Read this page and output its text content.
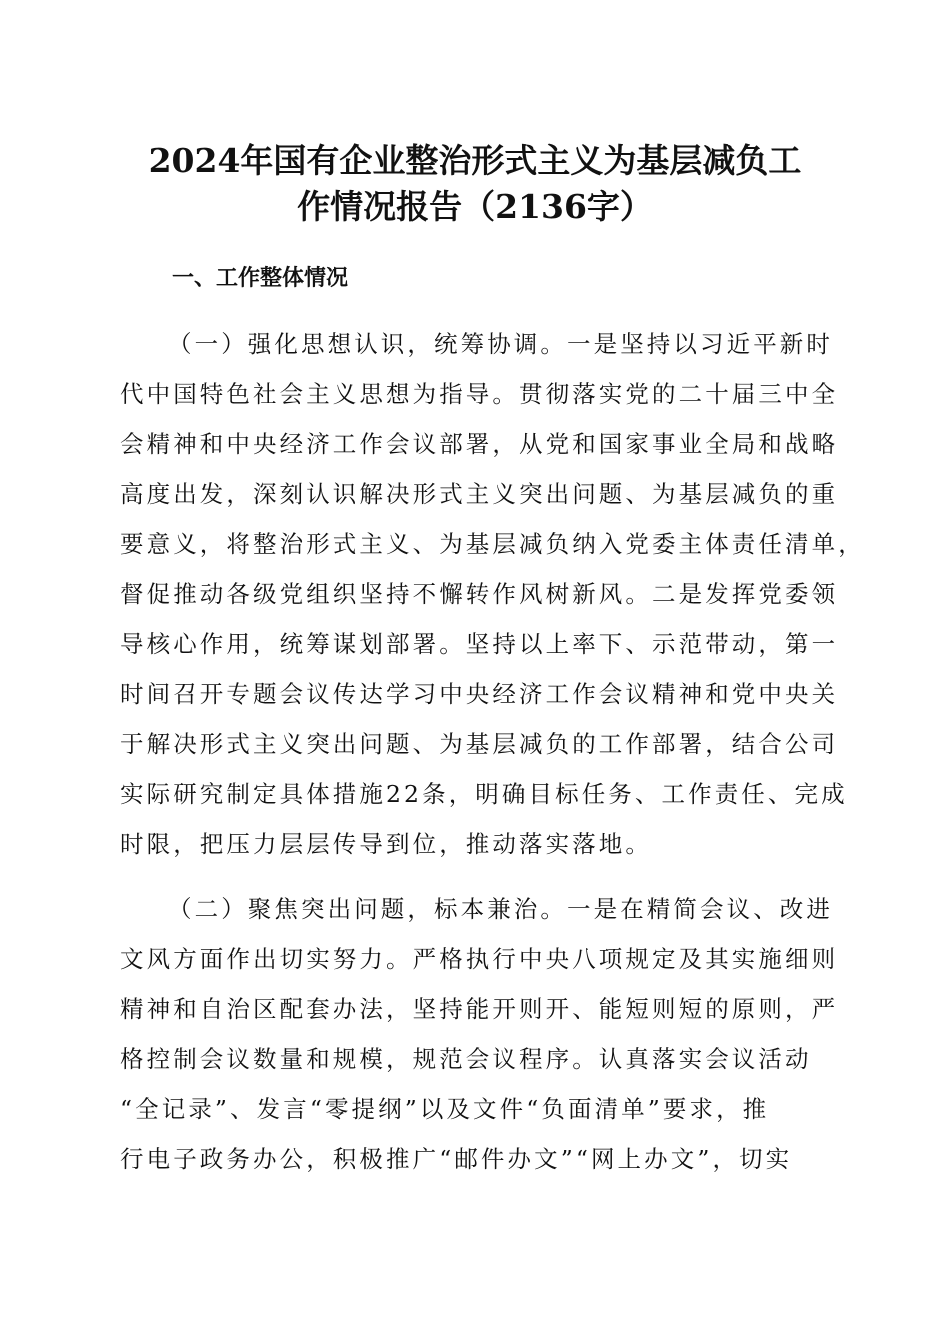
2024年国有企业整治形式主义为基层减负工
作情况报告（2136字）
一、工作整体情况
（一）强化思想认识，统筹协调。一是坚持以习近平新时
代中国特色社会主义思想为指导。贯彻落实党的二十届三中全
会精神和中央经济工作会议部署，从党和国家事业全局和战略
高度出发，深刻认识解决形式主义突出问题、为基层减负的重
要意义，将整治形式主义、为基层减负纳入党委主体责任清单，
督促推动各级党组织坚持不懈转作风树新风。二是发挥党委领
导核心作用，统筹谋划部署。坚持以上率下、示范带动，第一
时间召开专题会议传达学习中央经济工作会议精神和党中央关
于解决形式主义突出问题、为基层减负的工作部署，结合公司
实际研究制定具体措施22条，明确目标任务、工作责任、完成
时限，把压力层层传导到位，推动落实落地。
（二）聚焦突出问题，标本兼治。一是在精简会议、改进
文风方面作出切实努力。严格执行中央八项规定及其实施细则
精神和自治区配套办法，坚持能开则开、能短则短的原则，严
格控制会议数量和规模，规范会议程序。认真落实会议活动
“全记录”、发言“零提纲”以及文件“负面清单”要求，推
行电子政务办公，积极推广“邮件办文”“网上办文”，切实
